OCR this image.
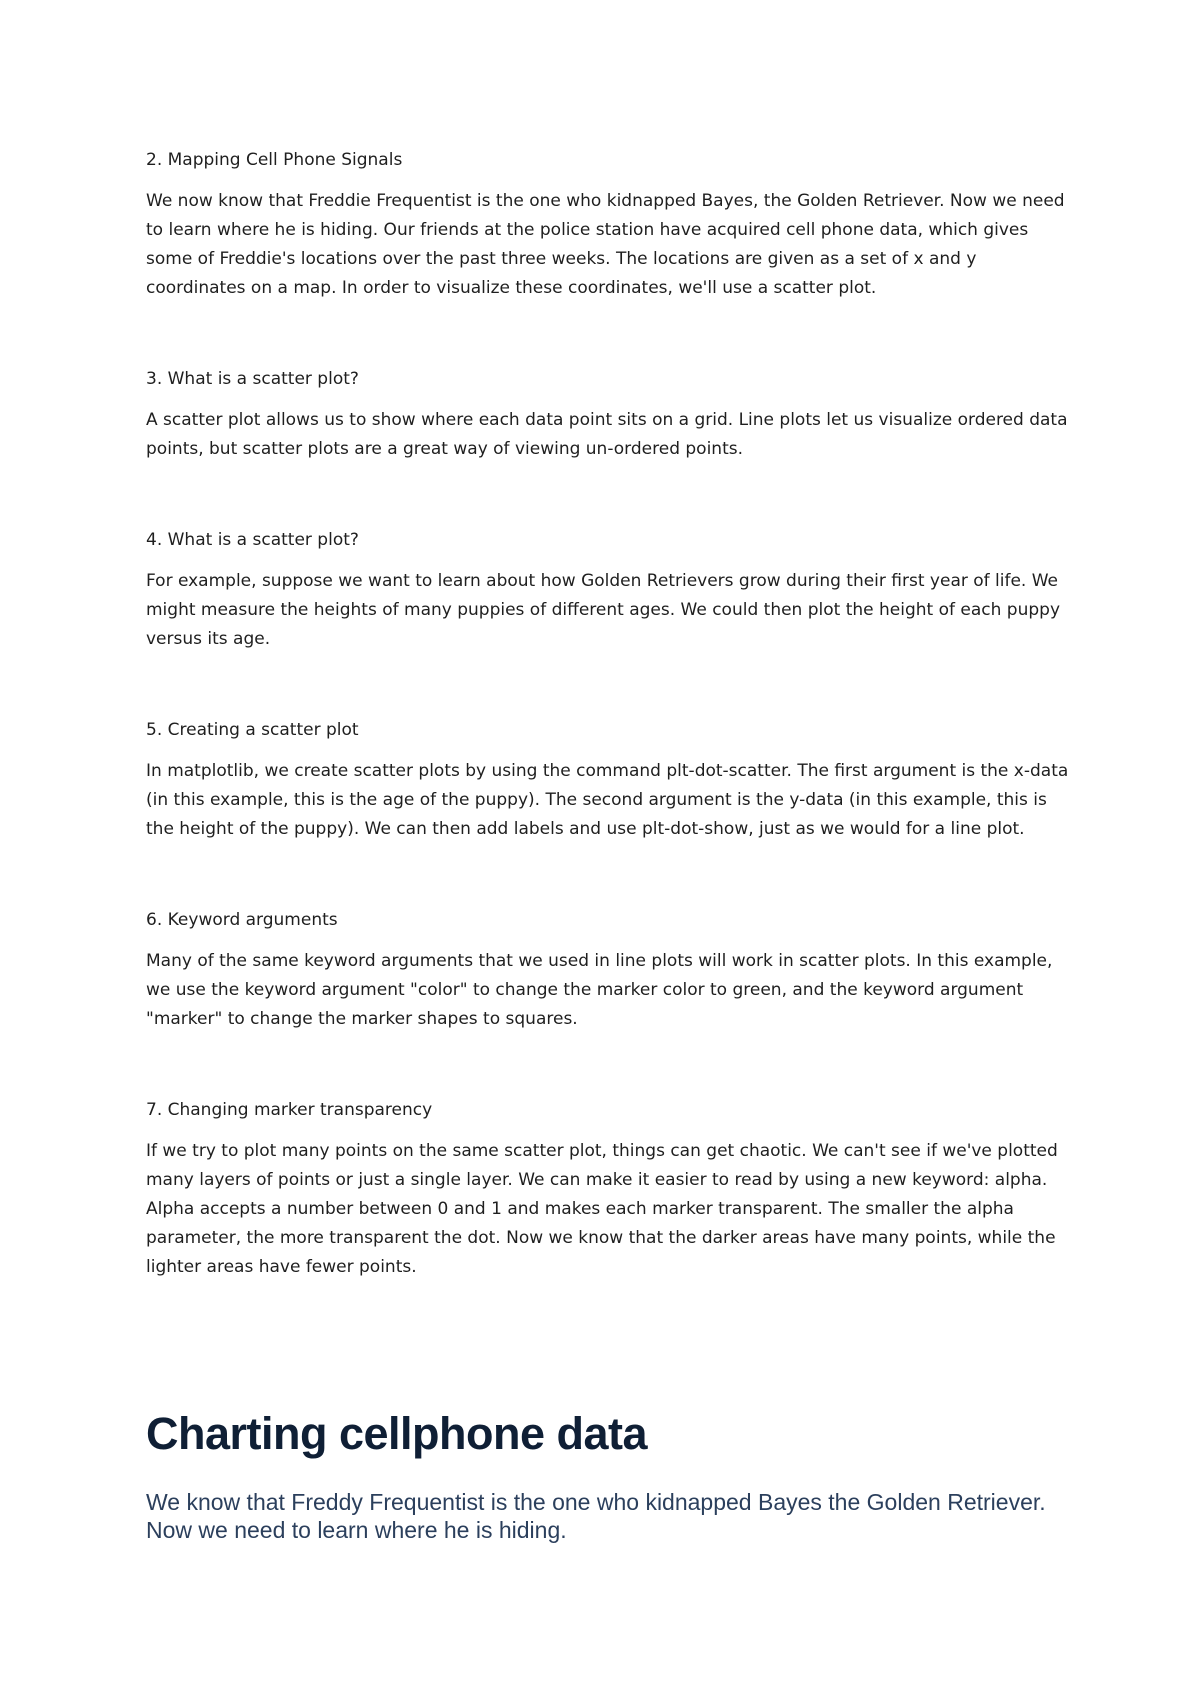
2. Mapping Cell Phone Signals

We now know that Freddie Frequentist is the one who kidnapped Bayes, the Golden Retriever. Now we need to learn where he is hiding. Our friends at the police station have acquired cell phone data, which gives some of Freddie's locations over the past three weeks. The locations are given as a set of x and y coordinates on a map. In order to visualize these coordinates, we'll use a scatter plot.

3. What is a scatter plot?

A scatter plot allows us to show where each data point sits on a grid. Line plots let us visualize ordered data points, but scatter plots are a great way of viewing un-ordered points.

4. What is a scatter plot?

For example, suppose we want to learn about how Golden Retrievers grow during their first year of life. We might measure the heights of many puppies of different ages. We could then plot the height of each puppy versus its age.

5. Creating a scatter plot

In matplotlib, we create scatter plots by using the command plt-dot-scatter. The first argument is the x-data (in this example, this is the age of the puppy). The second argument is the y-data (in this example, this is the height of the puppy). We can then add labels and use plt-dot-show, just as we would for a line plot.

6. Keyword arguments

Many of the same keyword arguments that we used in line plots will work in scatter plots. In this example, we use the keyword argument "color" to change the marker color to green, and the keyword argument "marker" to change the marker shapes to squares.

7. Changing marker transparency

If we try to plot many points on the same scatter plot, things can get chaotic. We can't see if we've plotted many layers of points or just a single layer. We can make it easier to read by using a new keyword: alpha. Alpha accepts a number between 0 and 1 and makes each marker transparent. The smaller the alpha parameter, the more transparent the dot. Now we know that the darker areas have many points, while the lighter areas have fewer points.

Charting cellphone data

We know that Freddy Frequentist is the one who kidnapped Bayes the Golden Retriever. Now we need to learn where he is hiding.
